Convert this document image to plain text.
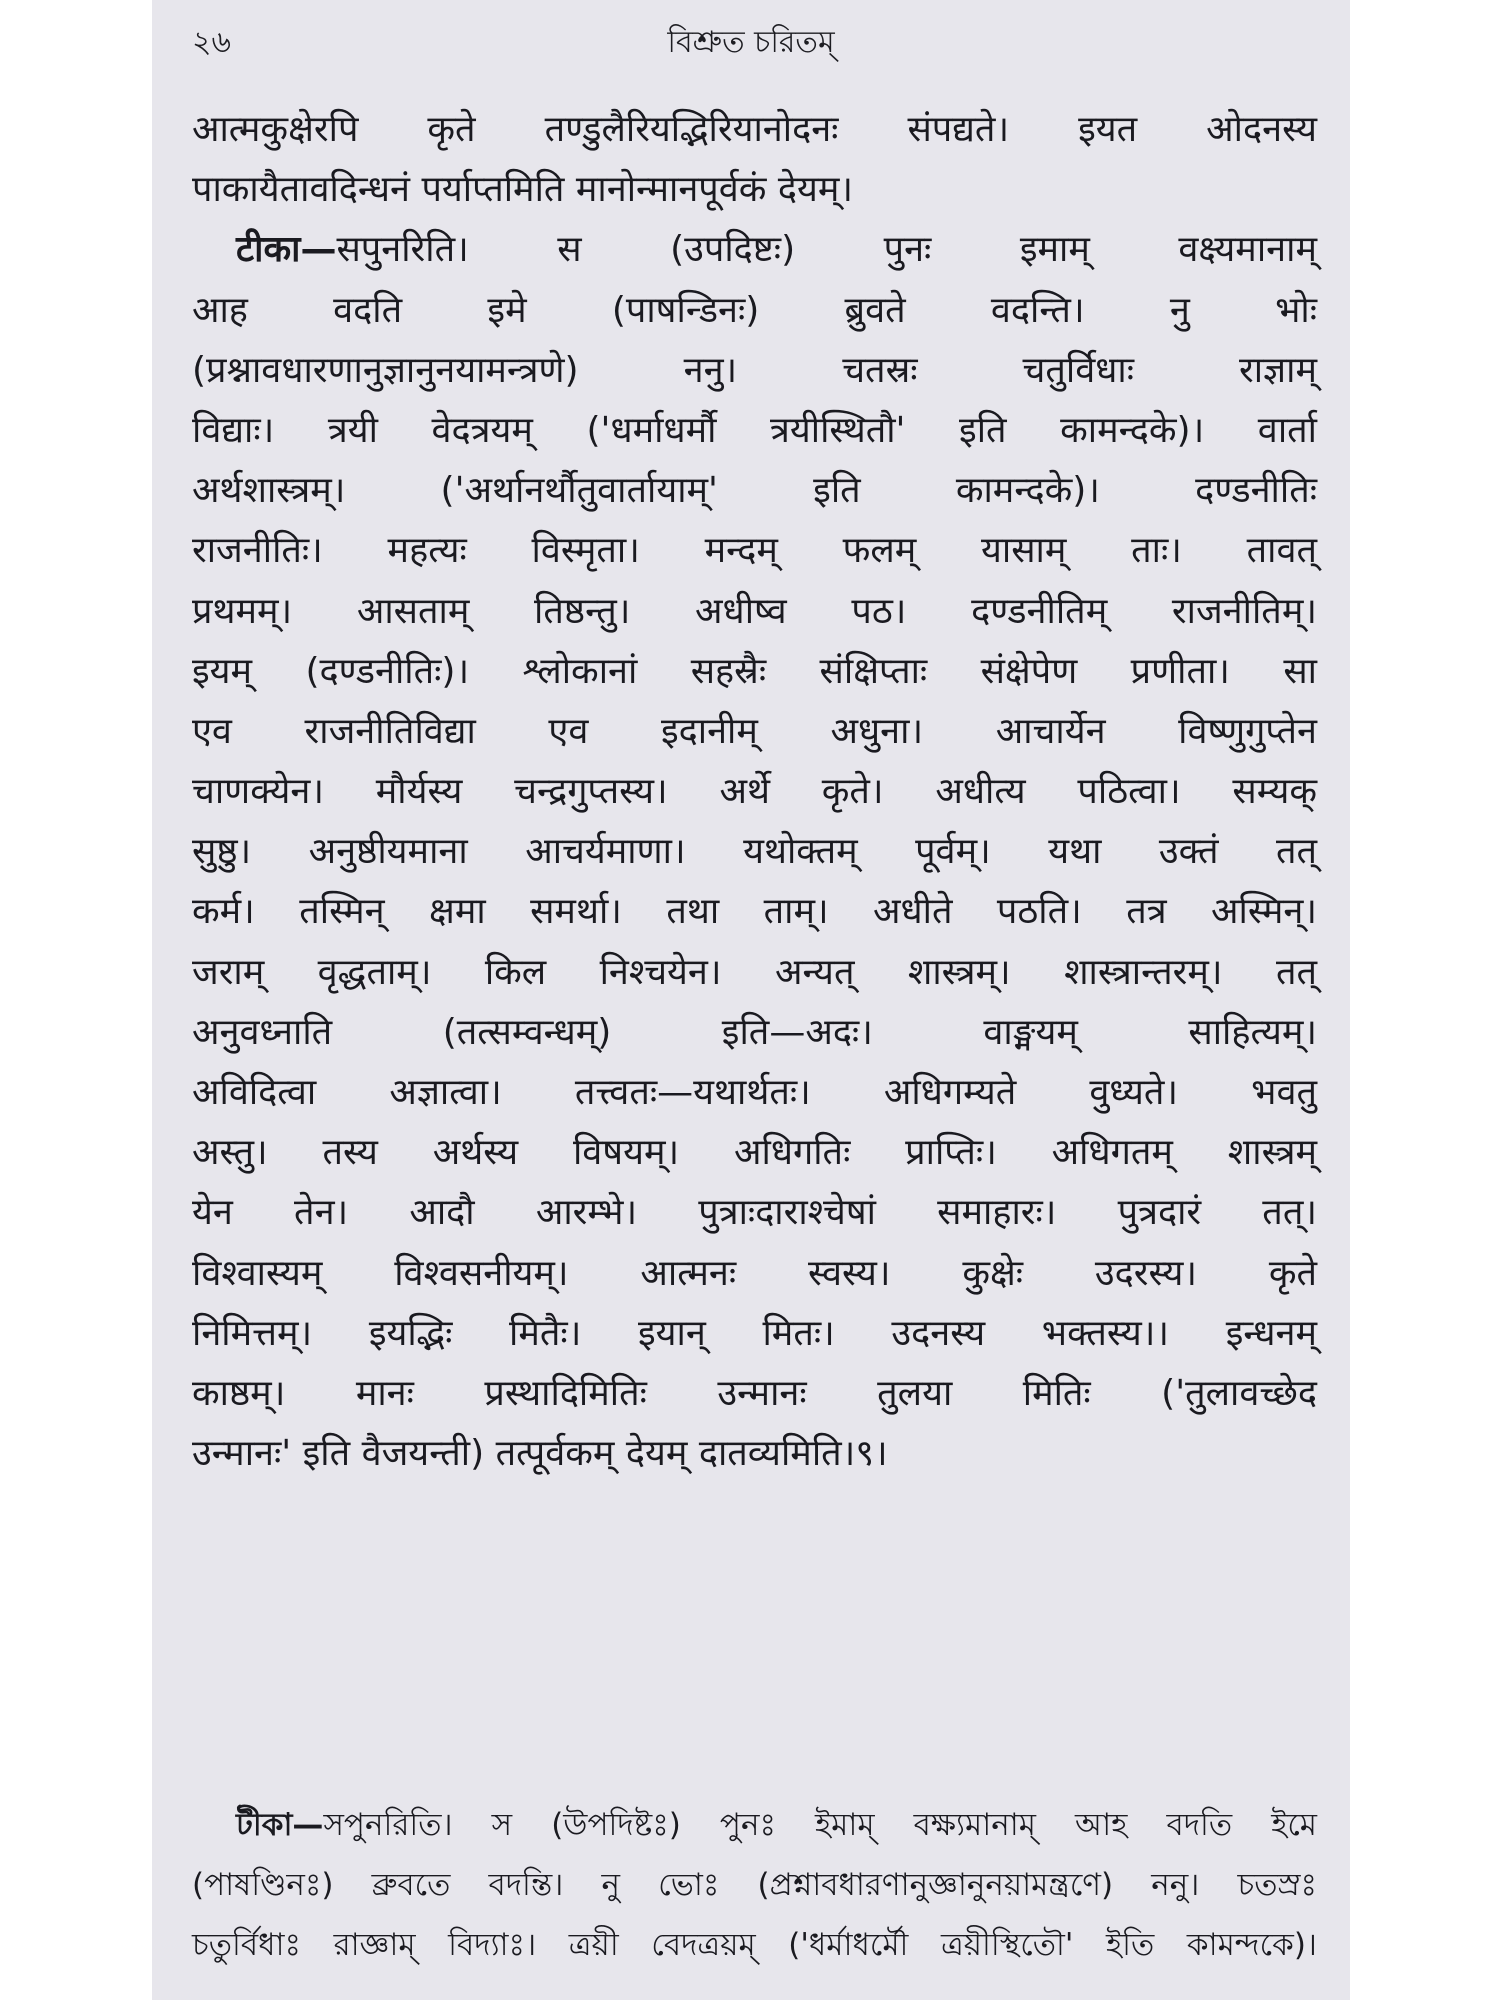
২৬	বিশ্রুত চরিতম্
आत्मकुक्षेरपि कृते तण्डुलैरियद्भिरियानोदनः संपद्यते। इयत ओदनस्य
पाकायैतावदिन्धनं पर्याप्तमिति मानोन्मानपूर्वकं देयम्।
टीका—सपुनरिति। स (उपदिष्टः) पुनः इमाम् वक्ष्यमानाम्
आह वदति इमे (पाषन्डिनः) ब्रुवते वदन्ति। नु भोः
(प्रश्नावधारणानुज्ञानुनयामन्त्रणे) ननु। चतस्रः चतुर्विधाः राज्ञाम्
विद्याः। त्रयी वेदत्रयम् ('धर्माधर्मौ त्रयीस्थितौ' इति कामन्दके)। वार्ता
अर्थशास्त्रम्। ('अर्थानर्थौतुवार्तायाम्' इति कामन्दके)। दण्डनीतिः
राजनीतिः। महत्यः विस्मृता। मन्दम् फलम् यासाम् ताः। तावत्
प्रथमम्। आसताम् तिष्ठन्तु। अधीष्व पठ। दण्डनीतिम् राजनीतिम्।
इयम् (दण्डनीतिः)। श्लोकानां सहस्रैः संक्षिप्ताः संक्षेपेण प्रणीता। सा
एव राजनीतिविद्या एव इदानीम् अधुना। आचार्येन विष्णुगुप्तेन
चाणक्येन। मौर्यस्य चन्द्रगुप्तस्य। अर्थे कृते। अधीत्य पठित्वा। सम्यक्
सुष्ठु। अनुष्ठीयमाना आचर्यमाणा। यथोक्तम् पूर्वम्। यथा उक्तं तत्
कर्म। तस्मिन् क्षमा समर्था। तथा ताम्। अधीते पठति। तत्र अस्मिन्।
जराम् वृद्धताम्। किल निश्चयेन। अन्यत् शास्त्रम्। शास्त्रान्तरम्। तत्
अनुवध्नाति (तत्सम्वन्धम्) इति—अदः। वाङ्मयम् साहित्यम्।
अविदित्वा अज्ञात्वा। तत्त्वतः—यथार्थतः। अधिगम्यते वुध्यते। भवतु
अस्तु। तस्य अर्थस्य विषयम्। अधिगतिः प्राप्तिः। अधिगतम् शास्त्रम्
येन तेन। आदौ आरम्भे। पुत्राःदाराश्चेषां समाहारः। पुत्रदारं तत्।
विश्वास्यम् विश्वसनीयम्। आत्मनः स्वस्य। कुक्षेः उदरस्य। कृते
निमित्तम्। इयद्भिः मितैः। इयान् मितः। उदनस्य भक्तस्य।। इन्धनम्
काष्ठम्। मानः प्रस्थादिमितिः उन्मानः तुलया मितिः ('तुलावच्छेद
उन्मानः' इति वैजयन्ती) तत्पूर्वकम् देयम् दातव्यमिति।९।
টীকা—সপুনরিতি। স (উপদিষ্টঃ) পুনঃ ইমাম্ বক্ষ্যমানাম্ আহ বদতি ইমে
(পাষণ্ডিনঃ) ব্রুবতে বদন্তি। নু ভোঃ (প্রশ্নাবধারণানুজ্ঞানুনয়ামন্ত্রণে) ননু। চতস্রঃ
চতুর্বিধাঃ রাজ্ঞাম্ বিদ্যাঃ। ত্রয়ী বেদত্রয়ম্ ('ধর্মাধর্মৌ ত্রয়ীস্থিতৌ' ইতি কামন্দকে)।
